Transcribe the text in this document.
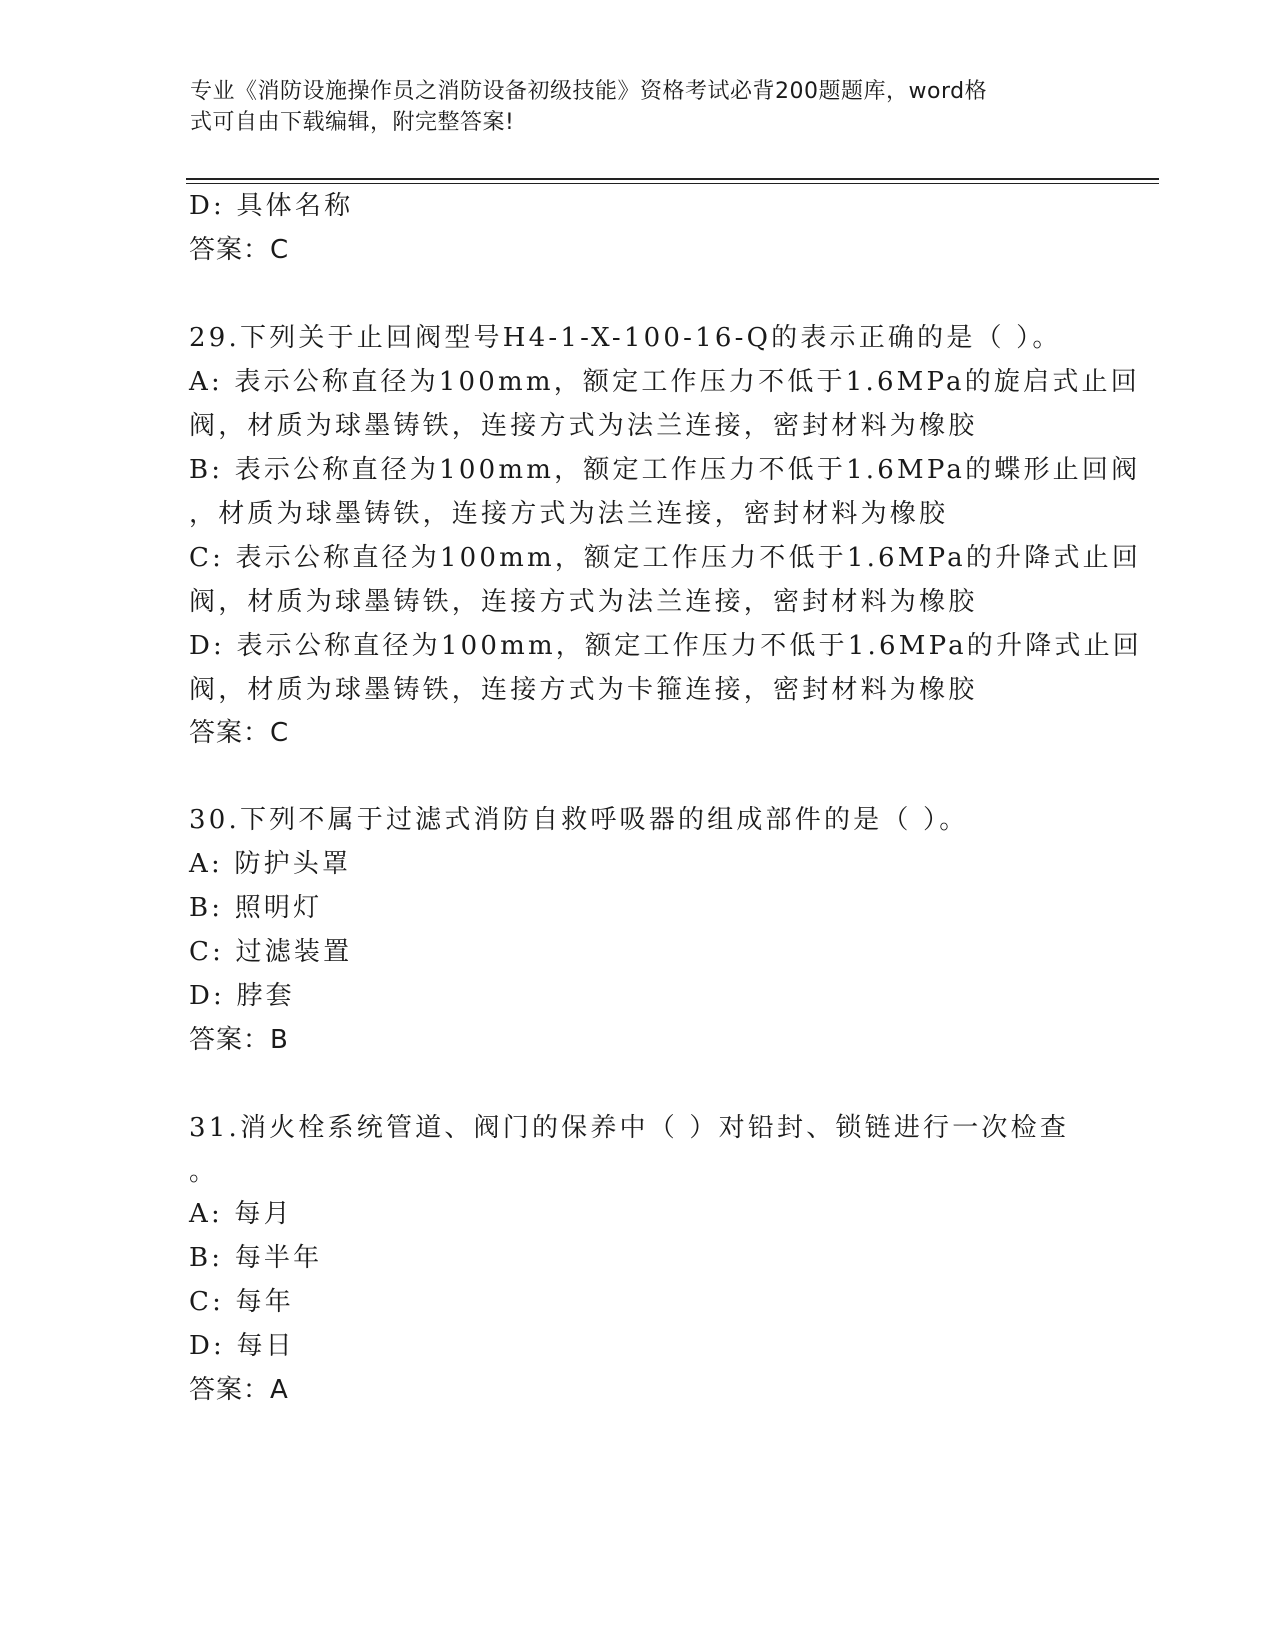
专业《消防设施操作员之消防设备初级技能》资格考试必背200题题库，word格
式可自由下载编辑，附完整答案!
D: 具体名称
答案：C
29.下列关于止回阀型号H4-1-X-100-16-Q的表示正确的是（ ）。
A: 表示公称直径为100mm，额定工作压力不低于1.6MPa的旋启式止回
阀，材质为球墨铸铁，连接方式为法兰连接，密封材料为橡胶
B: 表示公称直径为100mm，额定工作压力不低于1.6MPa的蝶形止回阀
，材质为球墨铸铁，连接方式为法兰连接，密封材料为橡胶
C: 表示公称直径为100mm，额定工作压力不低于1.6MPa的升降式止回
阀，材质为球墨铸铁，连接方式为法兰连接，密封材料为橡胶
D: 表示公称直径为100mm，额定工作压力不低于1.6MPa的升降式止回
阀，材质为球墨铸铁，连接方式为卡箍连接，密封材料为橡胶
答案：C
30.下列不属于过滤式消防自救呼吸器的组成部件的是（ ）。
A: 防护头罩
B: 照明灯
C: 过滤装置
D: 脖套
答案：B
31.消火栓系统管道、阀门的保养中（ ）对铅封、锁链进行一次检查
。
A: 每月
B: 每半年
C: 每年
D: 每日
答案：A
